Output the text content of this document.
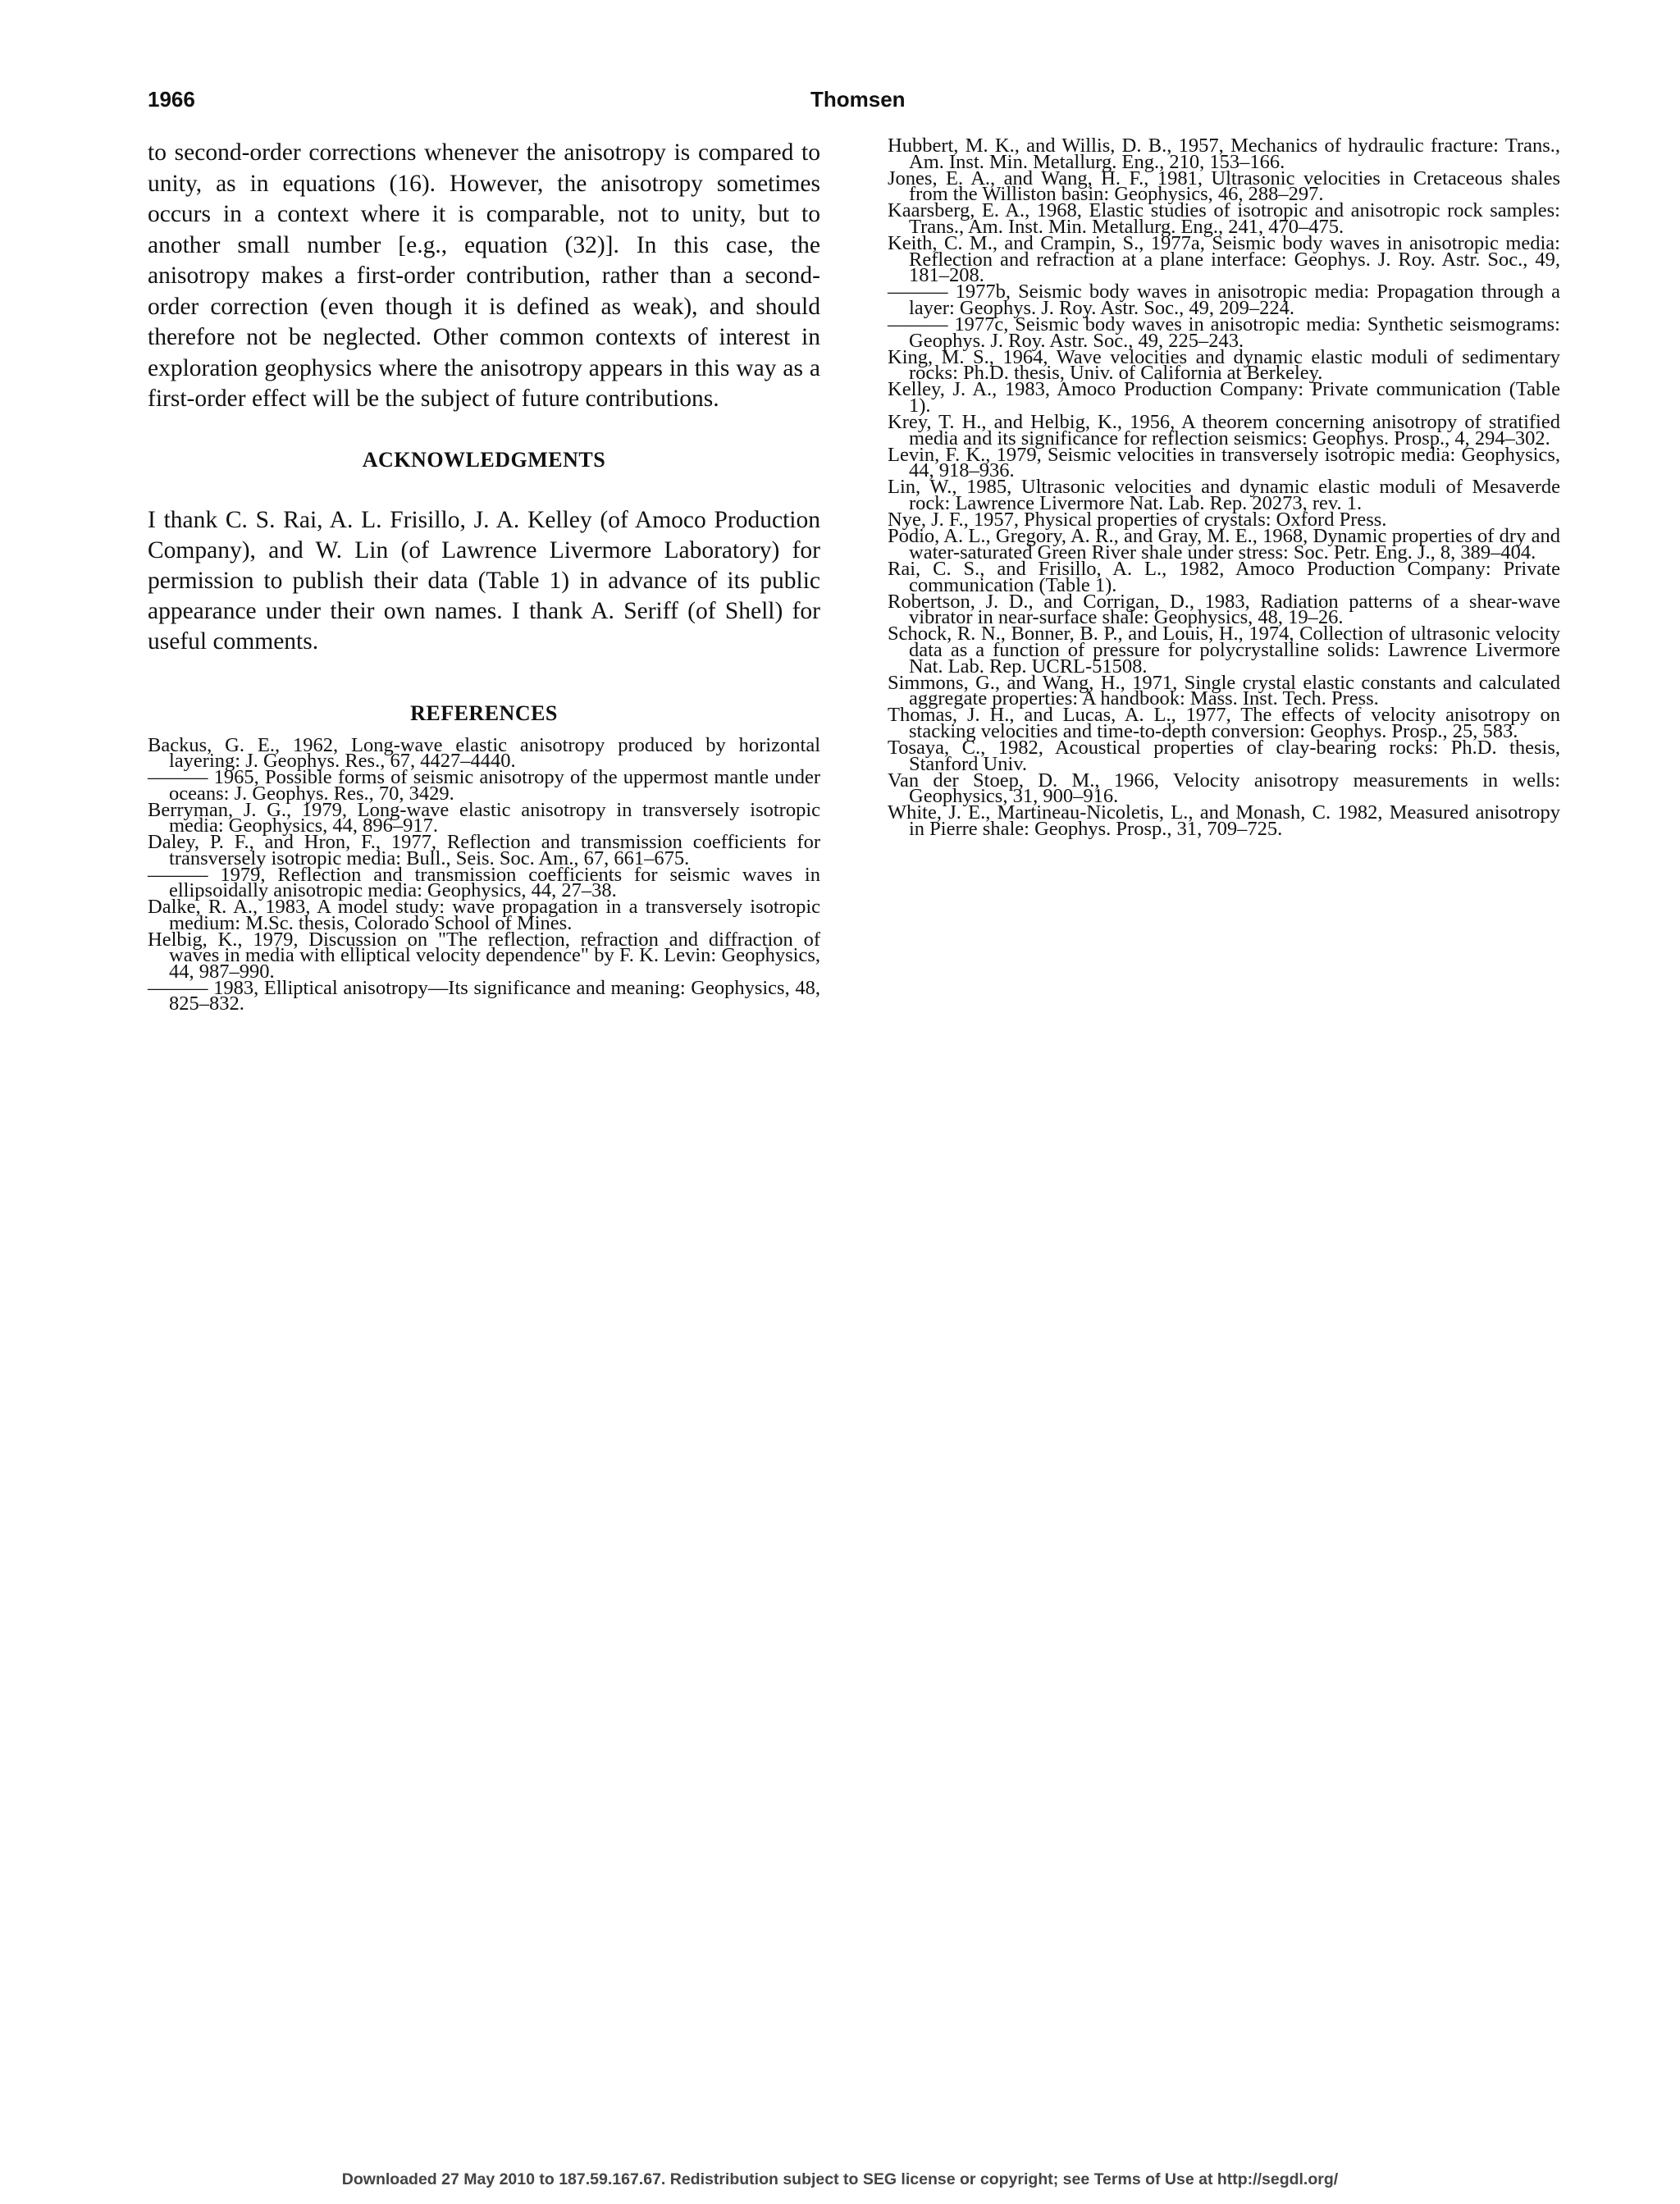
1966	Thomsen

to second-order corrections whenever the anisotropy is compared to unity, as in equations (16). However, the anisotropy sometimes occurs in a context where it is comparable, not to unity, but to another small number [e.g., equation (32)]. In this case, the anisotropy makes a first-order contribution, rather than a second-order correction (even though it is defined as weak), and should therefore not be neglected. Other common contexts of interest in exploration geophysics where the anisotropy appears in this way as a first-order effect will be the subject of future contributions.

ACKNOWLEDGMENTS

I thank C. S. Rai, A. L. Frisillo, J. A. Kelley (of Amoco Production Company), and W. Lin (of Lawrence Livermore Laboratory) for permission to publish their data (Table 1) in advance of its public appearance under their own names. I thank A. Seriff (of Shell) for useful comments.

REFERENCES

Backus, G. E., 1962, Long-wave elastic anisotropy produced by horizontal layering: J. Geophys. Res., 67, 4427–4440.

——— 1965, Possible forms of seismic anisotropy of the uppermost mantle under oceans: J. Geophys. Res., 70, 3429.

Berryman, J. G., 1979, Long-wave elastic anisotropy in transversely isotropic media: Geophysics, 44, 896–917.

Daley, P. F., and Hron, F., 1977, Reflection and transmission coefficients for transversely isotropic media: Bull., Seis. Soc. Am., 67, 661–675.

——— 1979, Reflection and transmission coefficients for seismic waves in ellipsoidally anisotropic media: Geophysics, 44, 27–38.

Dalke, R. A., 1983, A model study: wave propagation in a transversely isotropic medium: M.Sc. thesis, Colorado School of Mines.

Helbig, K., 1979, Discussion on "The reflection, refraction and diffraction of waves in media with elliptical velocity dependence" by F. K. Levin: Geophysics, 44, 987–990.

——— 1983, Elliptical anisotropy—Its significance and meaning: Geophysics, 48, 825–832.

Hubbert, M. K., and Willis, D. B., 1957, Mechanics of hydraulic fracture: Trans., Am. Inst. Min. Metallurg. Eng., 210, 153–166.

Jones, E. A., and Wang, H. F., 1981, Ultrasonic velocities in Cretaceous shales from the Williston basin: Geophysics, 46, 288–297.

Kaarsberg, E. A., 1968, Elastic studies of isotropic and anisotropic rock samples: Trans., Am. Inst. Min. Metallurg. Eng., 241, 470–475.

Keith, C. M., and Crampin, S., 1977a, Seismic body waves in anisotropic media: Reflection and refraction at a plane interface: Geophys. J. Roy. Astr. Soc., 49, 181–208.

——— 1977b, Seismic body waves in anisotropic media: Propagation through a layer: Geophys. J. Roy. Astr. Soc., 49, 209–224.

——— 1977c, Seismic body waves in anisotropic media: Synthetic seismograms: Geophys. J. Roy. Astr. Soc., 49, 225–243.

King, M. S., 1964, Wave velocities and dynamic elastic moduli of sedimentary rocks: Ph.D. thesis, Univ. of California at Berkeley.

Kelley, J. A., 1983, Amoco Production Company: Private communication (Table 1).

Krey, T. H., and Helbig, K., 1956, A theorem concerning anisotropy of stratified media and its significance for reflection seismics: Geophys. Prosp., 4, 294–302.

Levin, F. K., 1979, Seismic velocities in transversely isotropic media: Geophysics, 44, 918–936.

Lin, W., 1985, Ultrasonic velocities and dynamic elastic moduli of Mesaverde rock: Lawrence Livermore Nat. Lab. Rep. 20273, rev. 1.

Nye, J. F., 1957, Physical properties of crystals: Oxford Press.

Podio, A. L., Gregory, A. R., and Gray, M. E., 1968, Dynamic properties of dry and water-saturated Green River shale under stress: Soc. Petr. Eng. J., 8, 389–404.

Rai, C. S., and Frisillo, A. L., 1982, Amoco Production Company: Private communication (Table 1).

Robertson, J. D., and Corrigan, D., 1983, Radiation patterns of a shear-wave vibrator in near-surface shale: Geophysics, 48, 19–26.

Schock, R. N., Bonner, B. P., and Louis, H., 1974, Collection of ultrasonic velocity data as a function of pressure for polycrystalline solids: Lawrence Livermore Nat. Lab. Rep. UCRL-51508.

Simmons, G., and Wang, H., 1971, Single crystal elastic constants and calculated aggregate properties: A handbook: Mass. Inst. Tech. Press.

Thomas, J. H., and Lucas, A. L., 1977, The effects of velocity anisotropy on stacking velocities and time-to-depth conversion: Geophys. Prosp., 25, 583.

Tosaya, C., 1982, Acoustical properties of clay-bearing rocks: Ph.D. thesis, Stanford Univ.

Van der Stoep, D. M., 1966, Velocity anisotropy measurements in wells: Geophysics, 31, 900–916.

White, J. E., Martineau-Nicoletis, L., and Monash, C. 1982, Measured anisotropy in Pierre shale: Geophys. Prosp., 31, 709–725.

Downloaded 27 May 2010 to 187.59.167.67. Redistribution subject to SEG license or copyright; see Terms of Use at http://segdl.org/
